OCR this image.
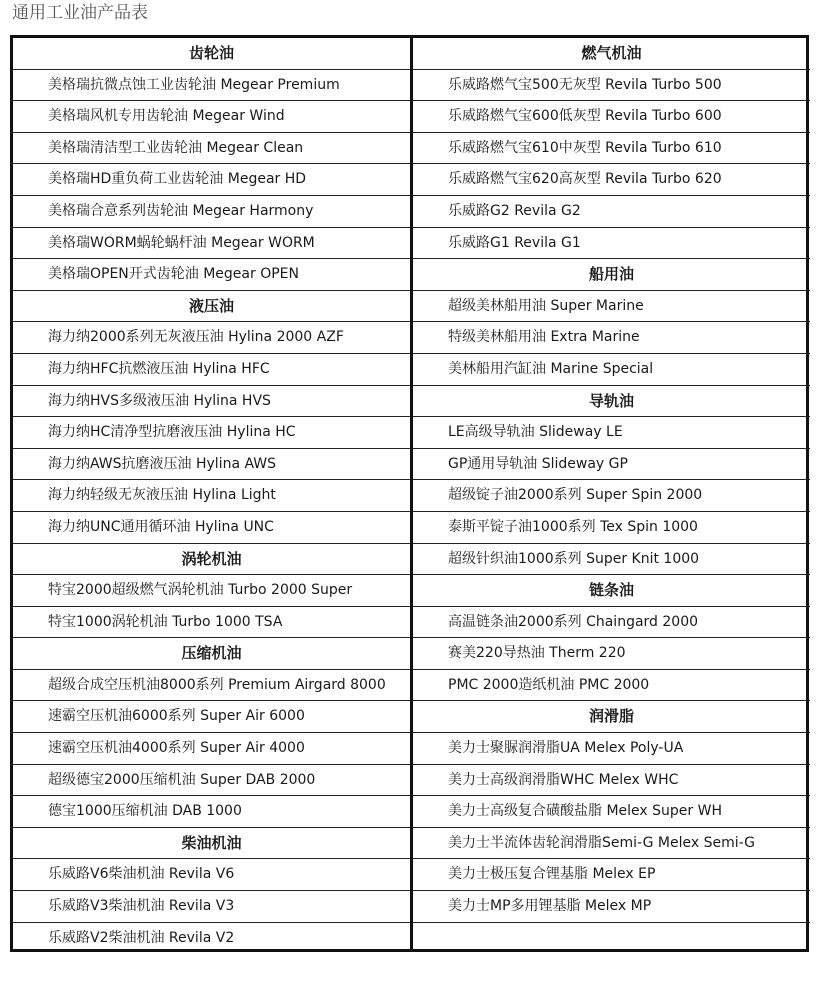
通用工业油产品表
齿轮油
美格瑞抗微点蚀工业齿轮油 Megear Premium
美格瑞风机专用齿轮油 Megear Wind
美格瑞清洁型工业齿轮油 Megear Clean
美格瑞HD重负荷工业齿轮油 Megear HD
美格瑞合意系列齿轮油 Megear Harmony
美格瑞WORM蜗轮蜗杆油 Megear WORM
美格瑞OPEN开式齿轮油 Megear OPEN
液压油
海力纳2000系列无灰液压油 Hylina 2000 AZF
海力纳HFC抗燃液压油 Hylina HFC
海力纳HVS多级液压油 Hylina HVS
海力纳HC清净型抗磨液压油 Hylina HC
海力纳AWS抗磨液压油 Hylina AWS
海力纳轻级无灰液压油 Hylina Light
海力纳UNC通用循环油 Hylina UNC
涡轮机油
特宝2000超级燃气涡轮机油 Turbo 2000 Super
特宝1000涡轮机油 Turbo 1000 TSA
压缩机油
超级合成空压机油8000系列 Premium Airgard 8000
速霸空压机油6000系列 Super Air 6000
速霸空压机油4000系列 Super Air 4000
超级德宝2000压缩机油 Super DAB 2000
德宝1000压缩机油 DAB 1000
柴油机油
乐威路V6柴油机油 Revila V6
乐威路V3柴油机油 Revila V3
乐威路V2柴油机油 Revila V2
燃气机油
乐威路燃气宝500无灰型 Revila Turbo 500
乐威路燃气宝600低灰型 Revila Turbo 600
乐威路燃气宝610中灰型 Revila Turbo 610
乐威路燃气宝620高灰型 Revila Turbo 620
乐威路G2 Revila G2
乐威路G1 Revila G1
船用油
超级美林船用油 Super Marine
特级美林船用油 Extra Marine
美林船用汽缸油 Marine Special
导轨油
LE高级导轨油 Slideway LE
GP通用导轨油 Slideway GP
超级锭子油2000系列 Super Spin 2000
泰斯平锭子油1000系列 Tex Spin 1000
超级针织油1000系列 Super Knit 1000
链条油
高温链条油2000系列 Chaingard 2000
赛美220导热油 Therm 220
PMC 2000造纸机油 PMC 2000
润滑脂
美力士聚脲润滑脂UA Melex Poly-UA
美力士高级润滑脂WHC Melex WHC
美力士高级复合磺酸盐脂 Melex Super WH
美力士半流体齿轮润滑脂Semi-G Melex Semi-G
美力士极压复合锂基脂 Melex EP
美力士MP多用锂基脂 Melex MP
